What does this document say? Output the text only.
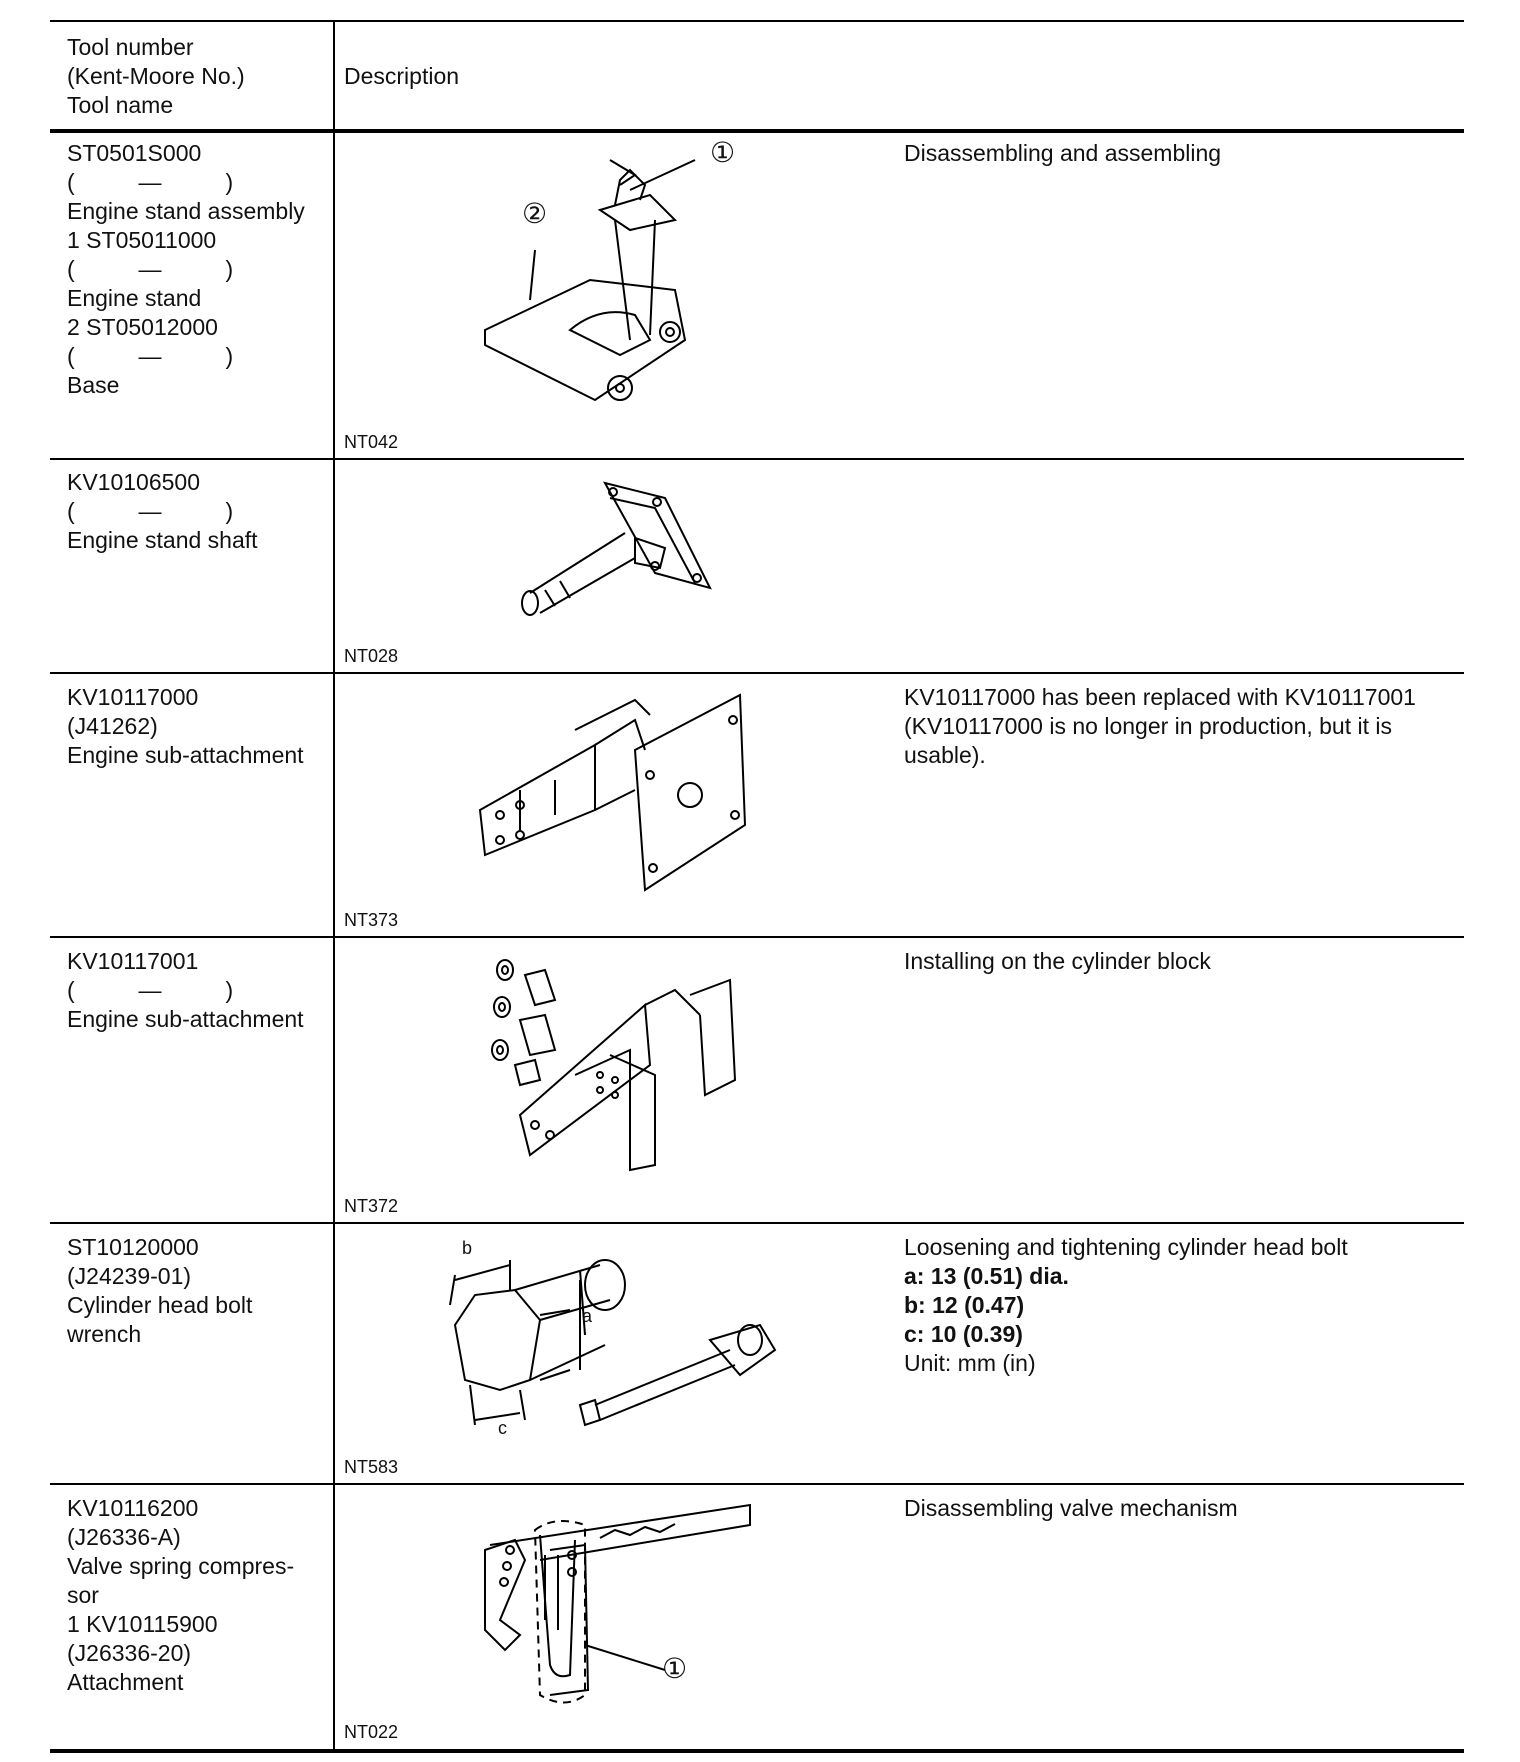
Tool number
(Kent-Moore No.)
Tool name
Description
ST0501S000
(          —          )
Engine stand assembly
1 ST05011000
(          —          )
Engine stand
2 ST05012000
(          —          )
Base
①
②
NT042
Disassembling and assembling
KV10106500
(          —          )
Engine stand shaft
NT028
KV10117000
(J41262)
Engine sub-attachment
NT373
KV10117000 has been replaced with KV10117001
(KV10117000 is no longer in production, but it is
usable).
KV10117001
(          —          )
Engine sub-attachment
NT372
Installing on the cylinder block
ST10120000
(J24239-01)
Cylinder head bolt
wrench
a
b
c
NT583
Loosening and tightening cylinder head bolt
a: 13 (0.51) dia.
b: 12 (0.47)
c: 10 (0.39)
Unit: mm (in)
KV10116200
(J26336-A)
Valve spring compres-
sor
1 KV10115900
(J26336-20)
Attachment	①
NT022
Disassembling valve mechanism
